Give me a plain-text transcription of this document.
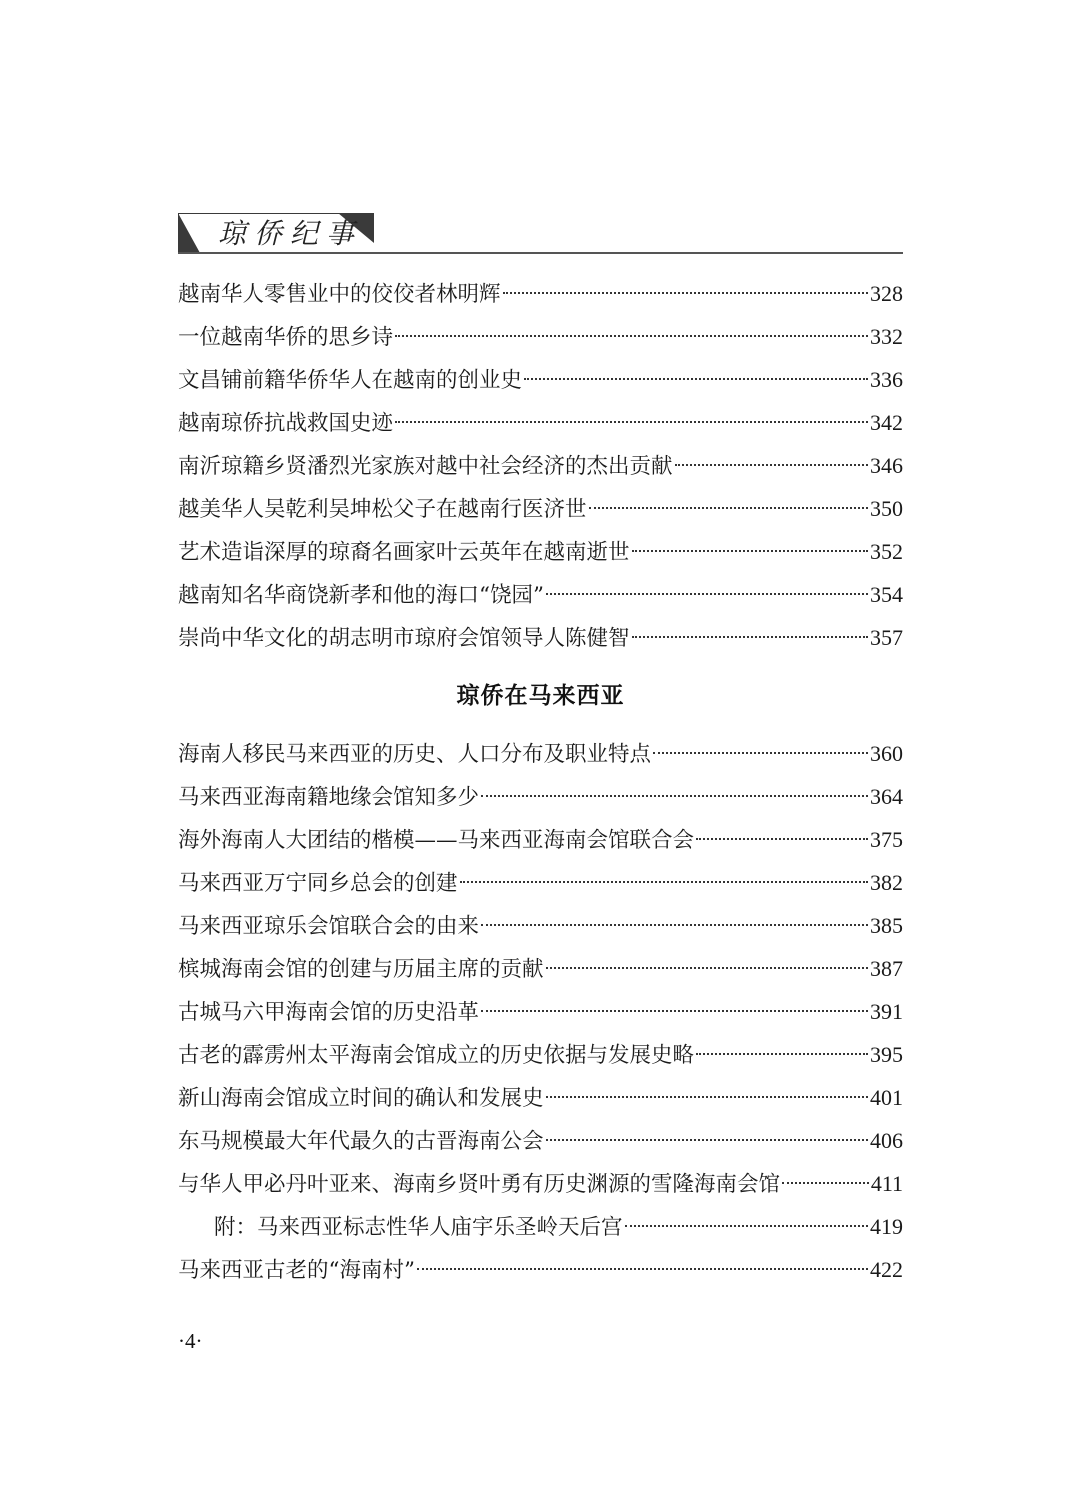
琼侨纪事
越南华人零售业中的佼佼者林明辉	328
一位越南华侨的思乡诗	332
文昌铺前籍华侨华人在越南的创业史	336
越南琼侨抗战救国史迹	342
南沂琼籍乡贤潘烈光家族对越中社会经济的杰出贡献	346
越美华人吴乾利吴坤松父子在越南行医济世	350
艺术造诣深厚的琼裔名画家叶云英年在越南逝世	352
越南知名华商饶新孝和他的海口“饶园”	354
崇尚中华文化的胡志明市琼府会馆领导人陈健智	357
琼侨在马来西亚
海南人移民马来西亚的历史、人口分布及职业特点	360
马来西亚海南籍地缘会馆知多少	364
海外海南人大团结的楷模——马来西亚海南会馆联合会	375
马来西亚万宁同乡总会的创建	382
马来西亚琼乐会馆联合会的由来	385
槟城海南会馆的创建与历届主席的贡献	387
古城马六甲海南会馆的历史沿革	391
古老的霹雳州太平海南会馆成立的历史依据与发展史略	395
新山海南会馆成立时间的确认和发展史	401
东马规模最大年代最久的古晋海南公会	406
与华人甲必丹叶亚来、海南乡贤叶勇有历史渊源的雪隆海南会馆	411
附：马来西亚标志性华人庙宇乐圣岭天后宫	419
马来西亚古老的“海南村”	422
·4·
